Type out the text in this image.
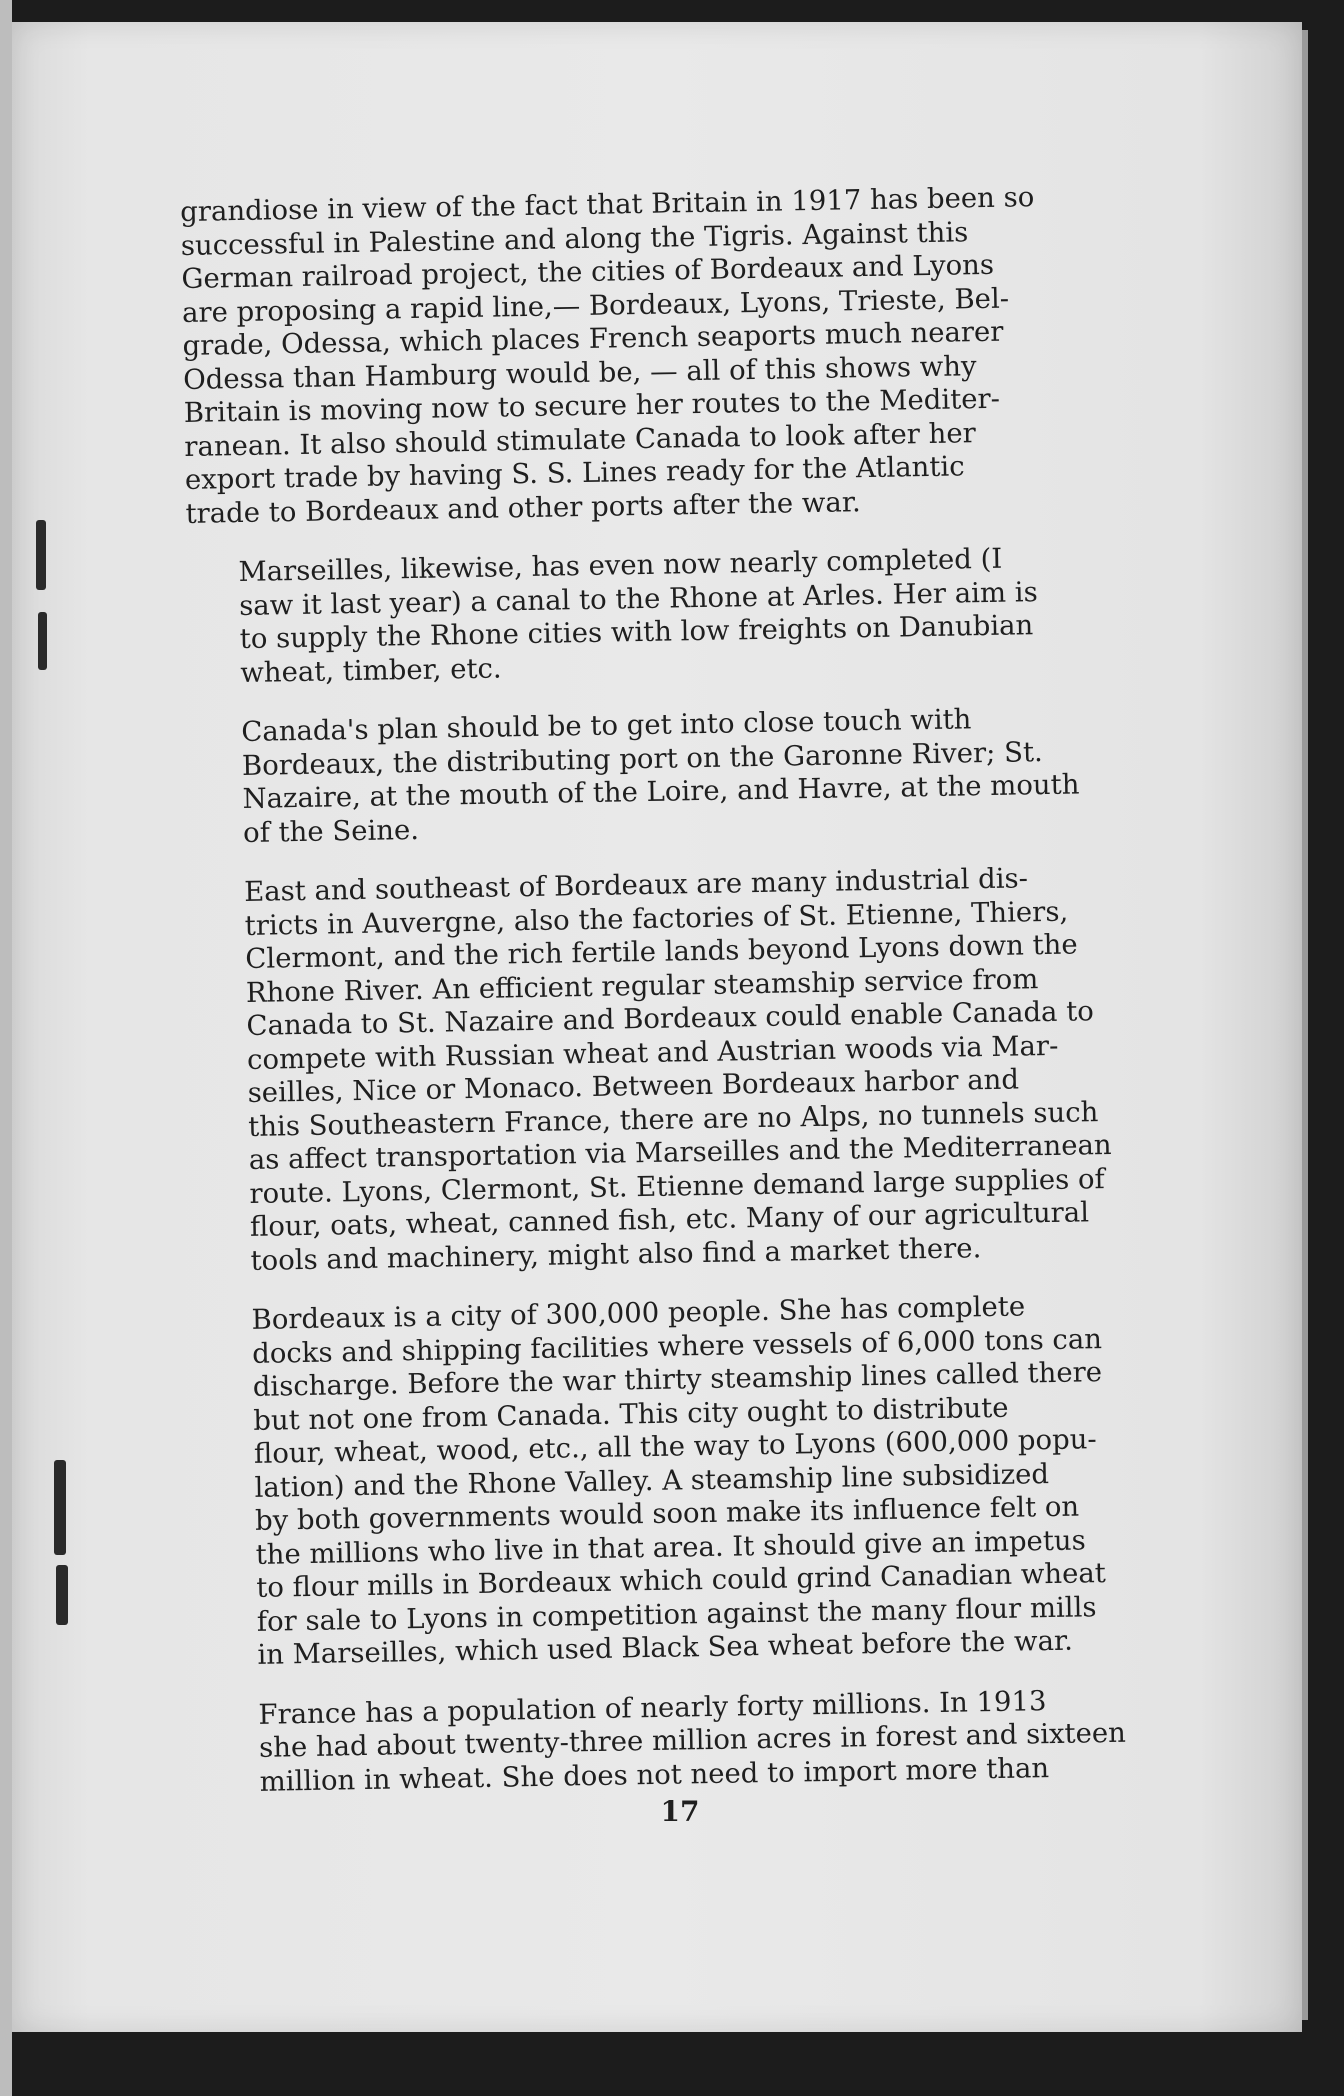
grandiose in view of the fact that Britain in 1917 has been so
successful in Palestine and along the Tigris. Against this
German railroad project, the cities of Bordeaux and Lyons
are proposing a rapid line,— Bordeaux, Lyons, Trieste, Bel-
grade, Odessa, which places French seaports much nearer
Odessa than Hamburg would be, — all of this shows why
Britain is moving now to secure her routes to the Mediter-
ranean. It also should stimulate Canada to look after her
export trade by having S. S. Lines ready for the Atlantic
trade to Bordeaux and other ports after the war.
Marseilles, likewise, has even now nearly completed (I
saw it last year) a canal to the Rhone at Arles. Her aim is
to supply the Rhone cities with low freights on Danubian
wheat, timber, etc.
Canada's plan should be to get into close touch with
Bordeaux, the distributing port on the Garonne River; St.
Nazaire, at the mouth of the Loire, and Havre, at the mouth
of the Seine.
East and southeast of Bordeaux are many industrial dis-
tricts in Auvergne, also the factories of St. Etienne, Thiers,
Clermont, and the rich fertile lands beyond Lyons down the
Rhone River. An efficient regular steamship service from
Canada to St. Nazaire and Bordeaux could enable Canada to
compete with Russian wheat and Austrian woods via Mar-
seilles, Nice or Monaco. Between Bordeaux harbor and
this Southeastern France, there are no Alps, no tunnels such
as affect transportation via Marseilles and the Mediterranean
route. Lyons, Clermont, St. Etienne demand large supplies of
flour, oats, wheat, canned fish, etc. Many of our agricultural
tools and machinery, might also find a market there.
Bordeaux is a city of 300,000 people. She has complete
docks and shipping facilities where vessels of 6,000 tons can
discharge. Before the war thirty steamship lines called there
but not one from Canada. This city ought to distribute
flour, wheat, wood, etc., all the way to Lyons (600,000 popu-
lation) and the Rhone Valley. A steamship line subsidized
by both governments would soon make its influence felt on
the millions who live in that area. It should give an impetus
to flour mills in Bordeaux which could grind Canadian wheat
for sale to Lyons in competition against the many flour mills
in Marseilles, which used Black Sea wheat before the war.
France has a population of nearly forty millions. In 1913
she had about twenty-three million acres in forest and sixteen
million in wheat. She does not need to import more than
17
